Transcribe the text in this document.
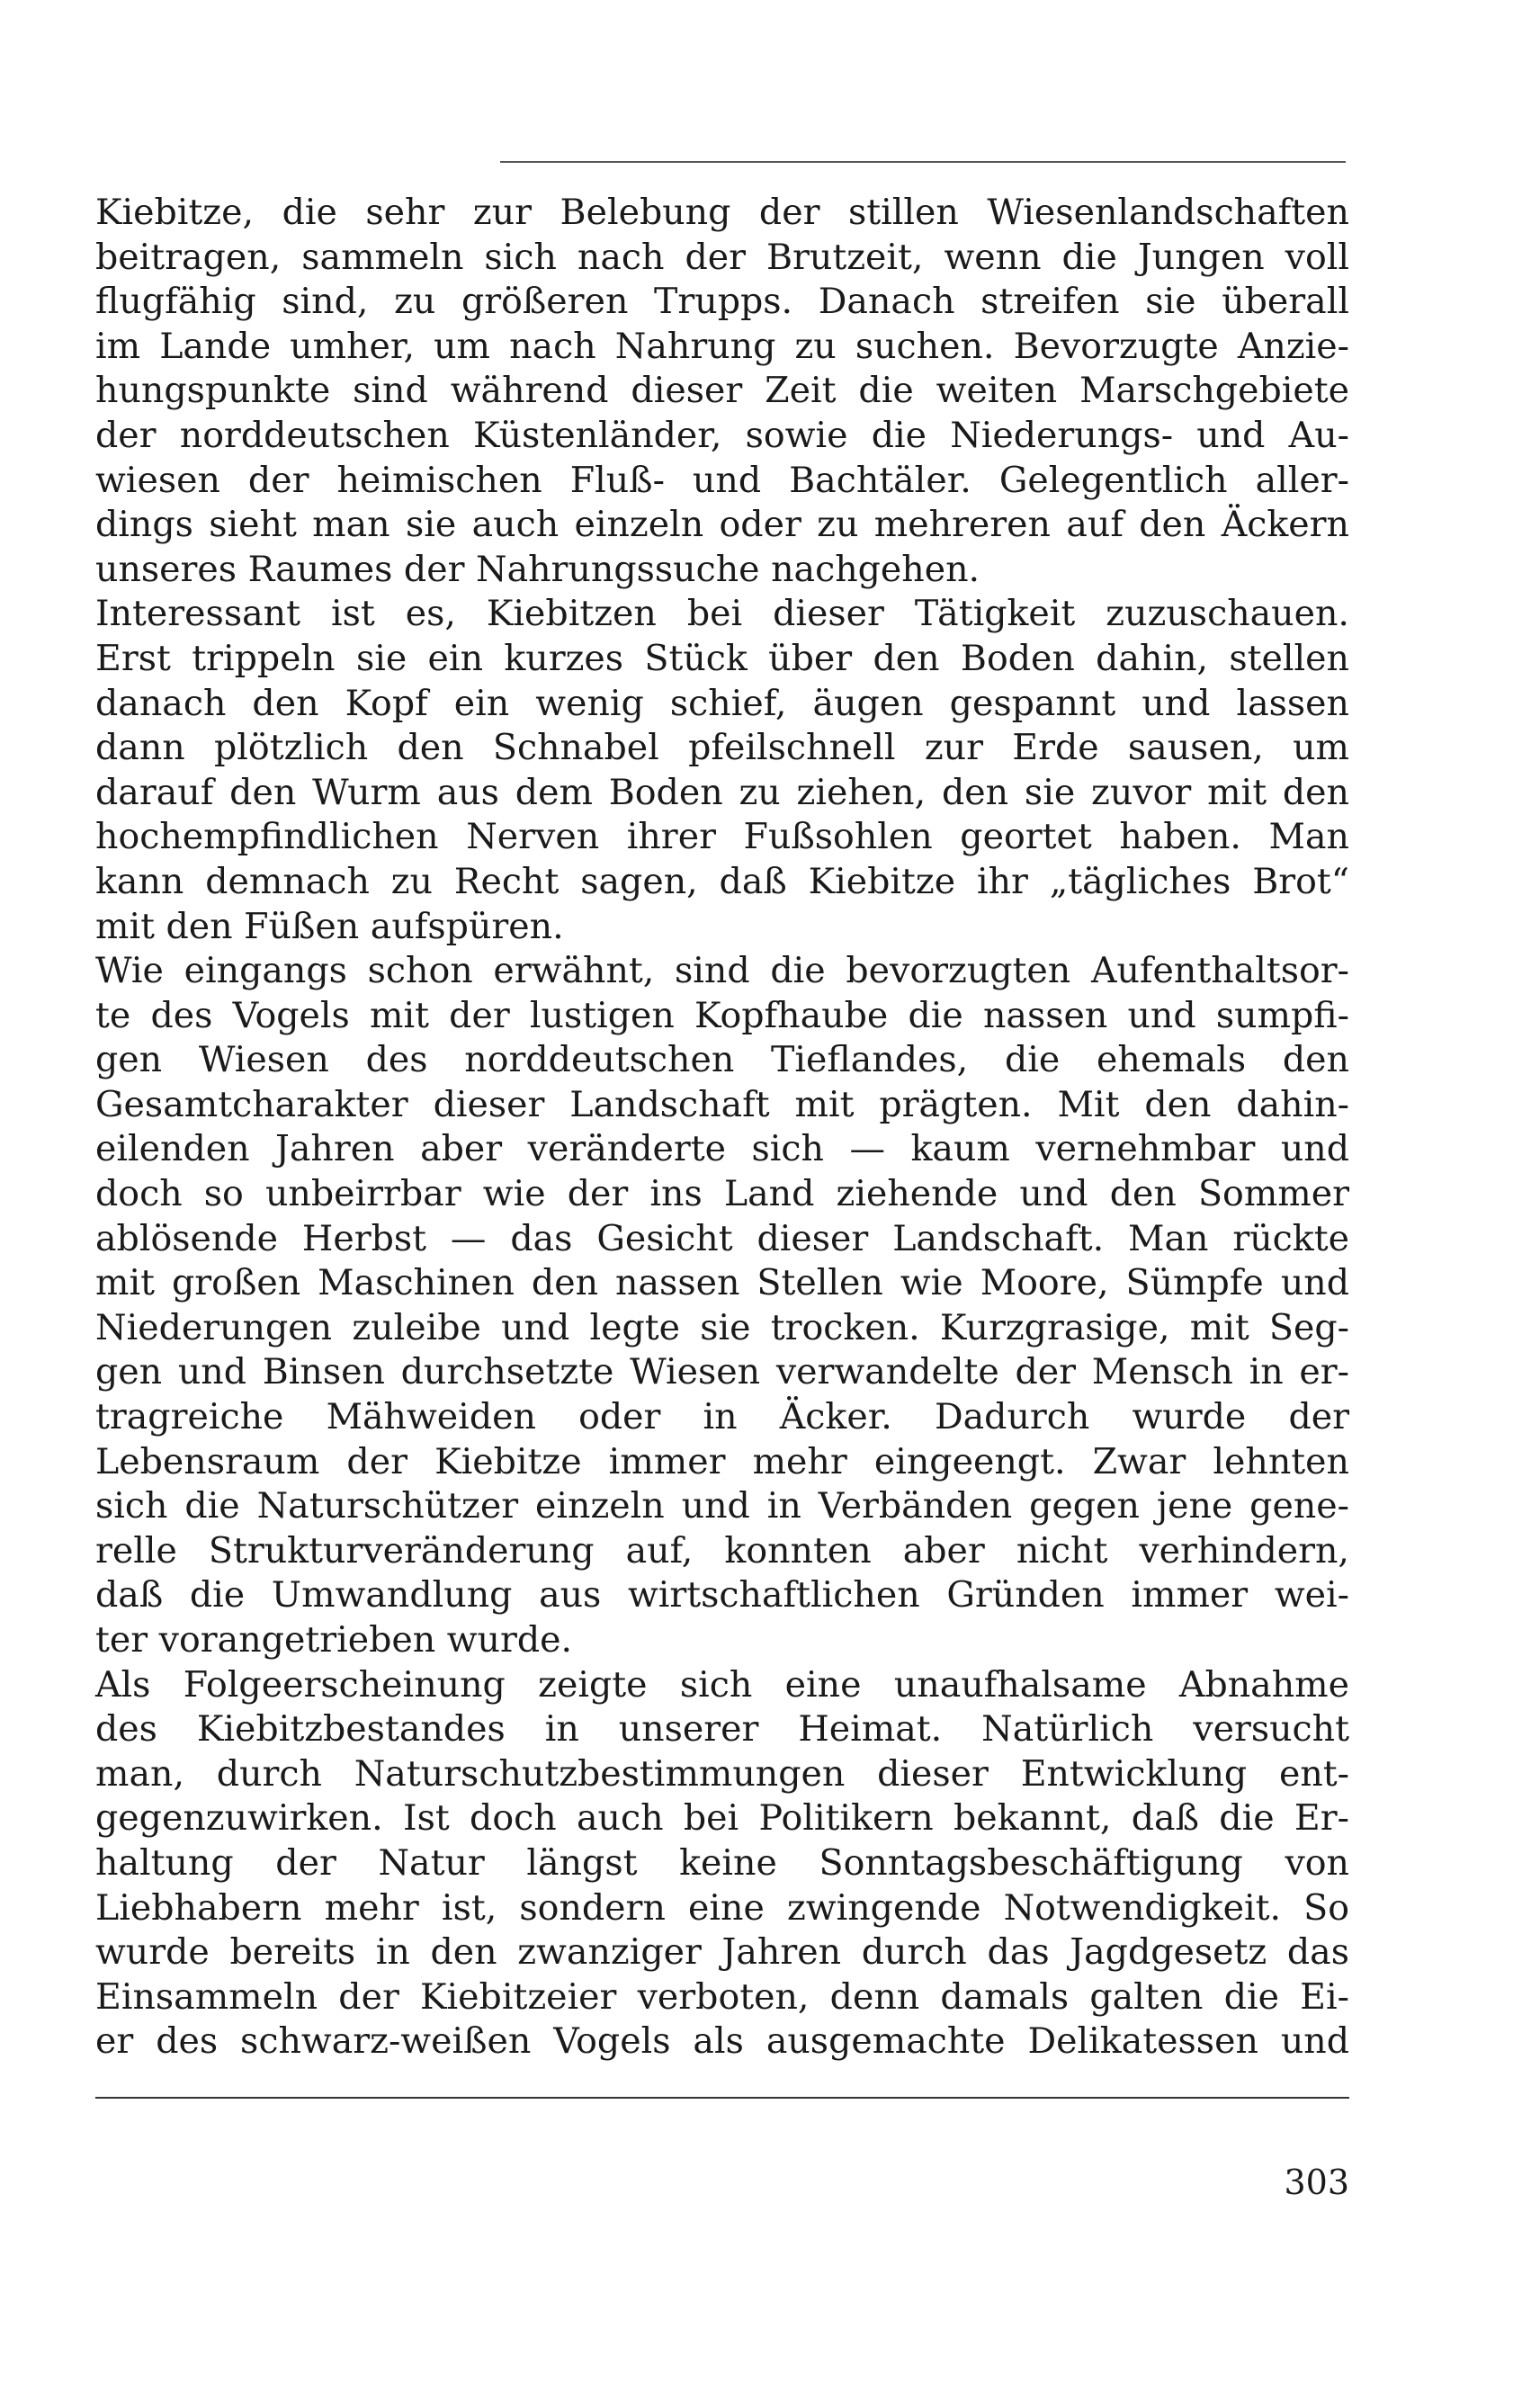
Kiebitze, die sehr zur Belebung der stillen Wiesenlandschaften
beitragen, sammeln sich nach der Brutzeit, wenn die Jungen voll
flugfähig sind, zu größeren Trupps. Danach streifen sie überall
im Lande umher, um nach Nahrung zu suchen. Bevorzugte Anzie-
hungspunkte sind während dieser Zeit die weiten Marschgebiete
der norddeutschen Küstenländer, sowie die Niederungs- und Au-
wiesen der heimischen Fluß- und Bachtäler. Gelegentlich aller-
dings sieht man sie auch einzeln oder zu mehreren auf den Äckern
unseres Raumes der Nahrungssuche nachgehen.
Interessant ist es, Kiebitzen bei dieser Tätigkeit zuzuschauen.
Erst trippeln sie ein kurzes Stück über den Boden dahin, stellen
danach den Kopf ein wenig schief, äugen gespannt und lassen
dann plötzlich den Schnabel pfeilschnell zur Erde sausen, um
darauf den Wurm aus dem Boden zu ziehen, den sie zuvor mit den
hochempfindlichen Nerven ihrer Fußsohlen geortet haben. Man
kann demnach zu Recht sagen, daß Kiebitze ihr „tägliches Brot“
mit den Füßen aufspüren.
Wie eingangs schon erwähnt, sind die bevorzugten Aufenthaltsor-
te des Vogels mit der lustigen Kopfhaube die nassen und sumpfi-
gen Wiesen des norddeutschen Tieflandes, die ehemals den
Gesamtcharakter dieser Landschaft mit prägten. Mit den dahin-
eilenden Jahren aber veränderte sich — kaum vernehmbar und
doch so unbeirrbar wie der ins Land ziehende und den Sommer
ablösende Herbst — das Gesicht dieser Landschaft. Man rückte
mit großen Maschinen den nassen Stellen wie Moore, Sümpfe und
Niederungen zuleibe und legte sie trocken. Kurzgrasige, mit Seg-
gen und Binsen durchsetzte Wiesen verwandelte der Mensch in er-
tragreiche Mähweiden oder in Äcker. Dadurch wurde der
Lebensraum der Kiebitze immer mehr eingeengt. Zwar lehnten
sich die Naturschützer einzeln und in Verbänden gegen jene gene-
relle Strukturveränderung auf, konnten aber nicht verhindern,
daß die Umwandlung aus wirtschaftlichen Gründen immer wei-
ter vorangetrieben wurde.
Als Folgeerscheinung zeigte sich eine unaufhalsame Abnahme
des Kiebitzbestandes in unserer Heimat. Natürlich versucht
man, durch Naturschutzbestimmungen dieser Entwicklung ent-
gegenzuwirken. Ist doch auch bei Politikern bekannt, daß die Er-
haltung der Natur längst keine Sonntagsbeschäftigung von
Liebhabern mehr ist, sondern eine zwingende Notwendigkeit. So
wurde bereits in den zwanziger Jahren durch das Jagdgesetz das
Einsammeln der Kiebitzeier verboten, denn damals galten die Ei-
er des schwarz-weißen Vogels als ausgemachte Delikatessen und
303
